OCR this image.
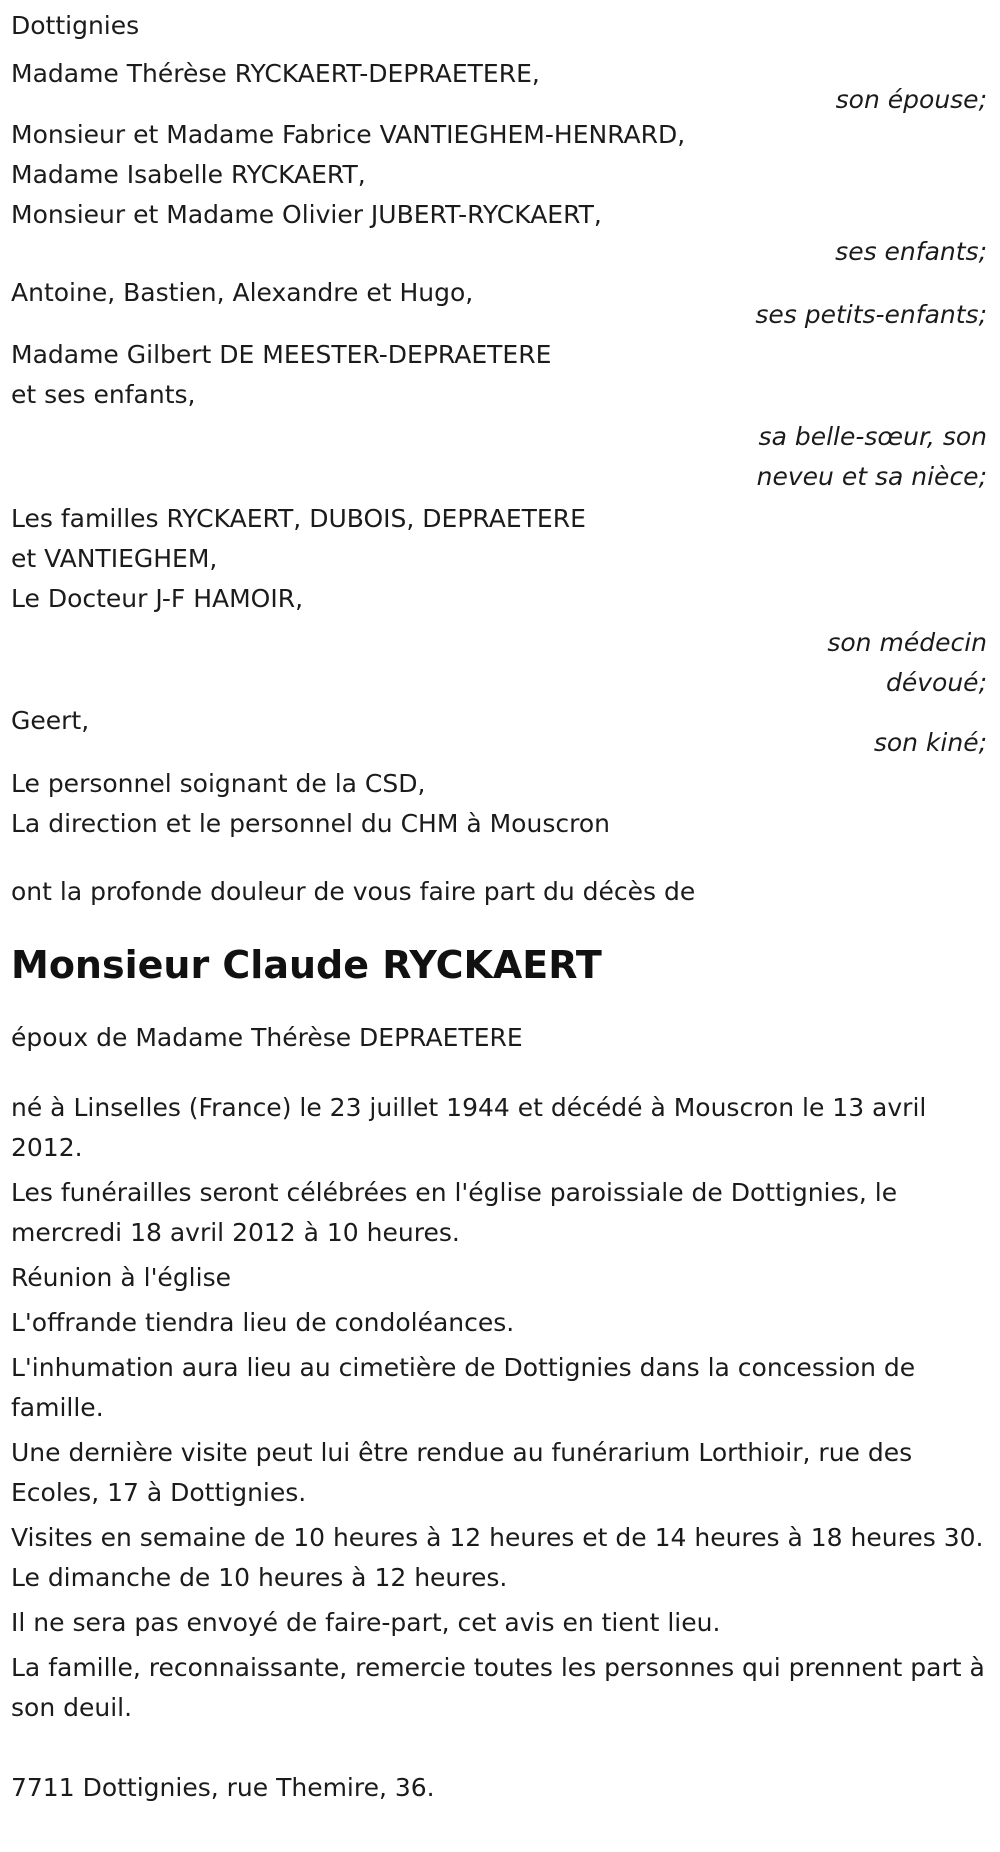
Dottignies
Madame Thérèse RYCKAERT-DEPRAETERE,
son épouse;
Monsieur et Madame Fabrice VANTIEGHEM-HENRARD,
Madame Isabelle RYCKAERT,
Monsieur et Madame Olivier JUBERT-RYCKAERT,
ses enfants;
Antoine, Bastien, Alexandre et Hugo,
ses petits-enfants;
Madame Gilbert DE MEESTER-DEPRAETERE
et ses enfants,
sa belle-sœur, son
neveu et sa nièce;
Les familles RYCKAERT, DUBOIS, DEPRAETERE
et VANTIEGHEM,
Le Docteur J-F HAMOIR,
son médecin
dévoué;
Geert,
son kiné;
Le personnel soignant de la CSD,
La direction et le personnel du CHM à Mouscron
ont la profonde douleur de vous faire part du décès de
Monsieur Claude RYCKAERT
époux de Madame Thérèse DEPRAETERE
né à Linselles (France) le 23 juillet 1944 et décédé à Mouscron le 13 avril 2012.
Les funérailles seront célébrées en l'église paroissiale de Dottignies, le mercredi 18 avril 2012 à 10 heures.
Réunion à l'église
L'offrande tiendra lieu de condoléances.
L'inhumation aura lieu au cimetière de Dottignies dans la concession de famille.
Une dernière visite peut lui être rendue au funérarium Lorthioir, rue des Ecoles, 17 à Dottignies.
Visites en semaine de 10 heures à 12 heures et de 14 heures à 18 heures 30. Le dimanche de 10 heures à 12 heures.
Il ne sera pas envoyé de faire-part, cet avis en tient lieu.
La famille, reconnaissante, remercie toutes les personnes qui prennent part à son deuil.
7711 Dottignies, rue Themire, 36.
